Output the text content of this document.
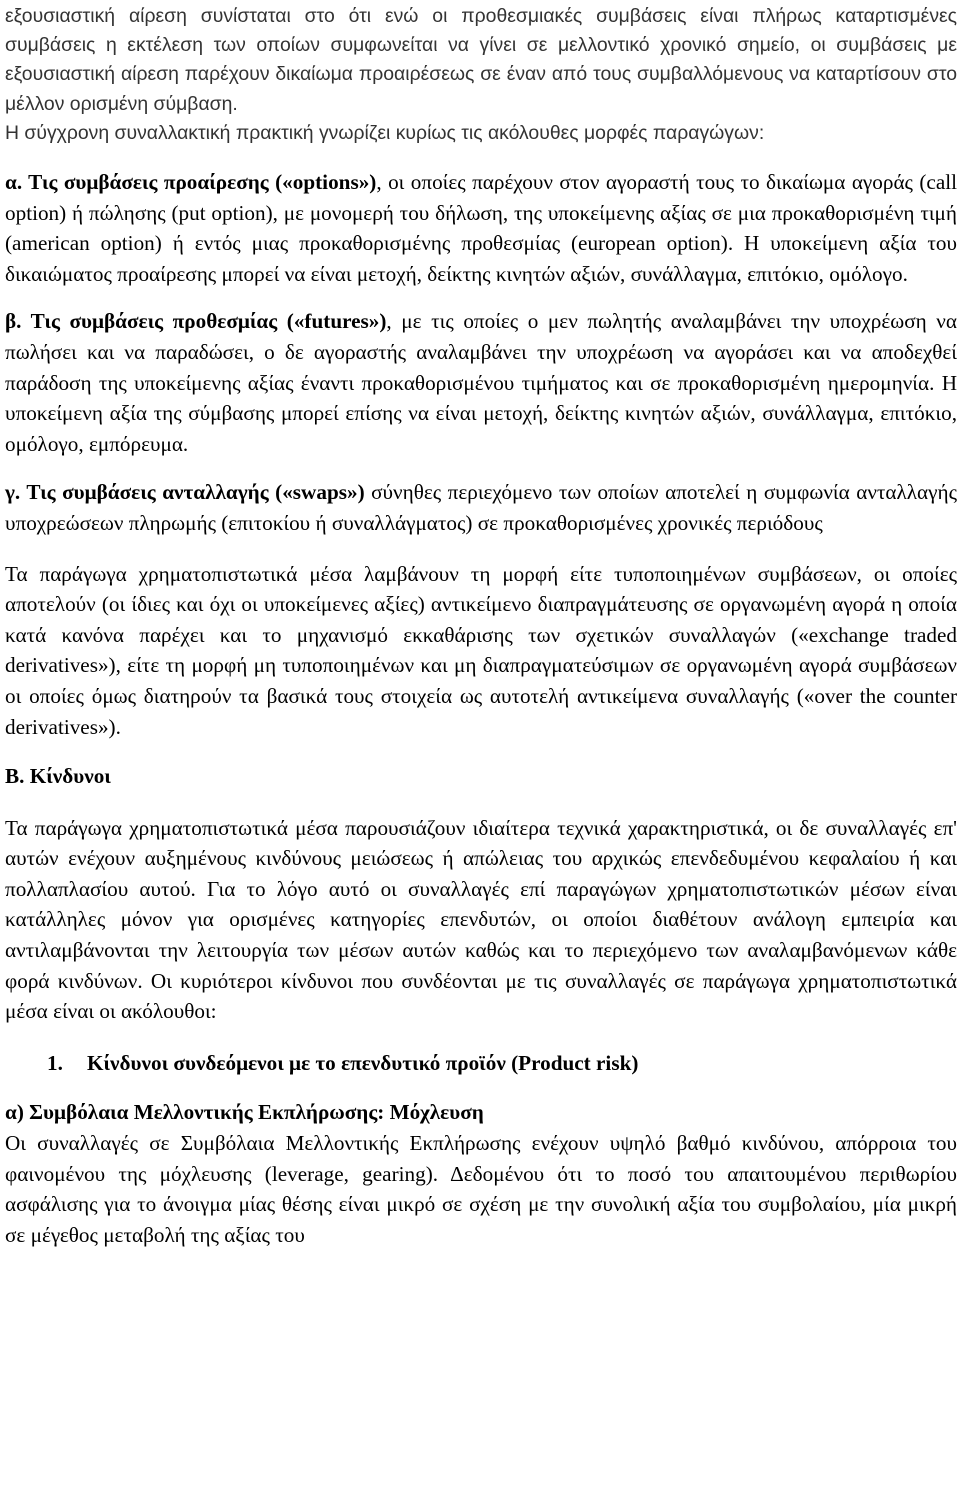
εξουσιαστική αίρεση συνίσταται στο ότι ενώ οι προθεσμιακές συμβάσεις είναι πλήρως καταρτισμένες συμβάσεις η εκτέλεση των οποίων συμφωνείται να γίνει σε μελλοντικό χρονικό σημείο, οι συμβάσεις με εξουσιαστική αίρεση παρέχουν δικαίωμα προαιρέσεως σε έναν από τους συμβαλλόμενους να καταρτίσουν στο μέλλον ορισμένη σύμβαση.
Η σύγχρονη συναλλακτική πρακτική γνωρίζει κυρίως τις ακόλουθες μορφές παραγώγων:

α. Τις συμβάσεις προαίρεσης («options»), οι οποίες παρέχουν στον αγοραστή τους το δικαίωμα αγοράς (call option) ή πώλησης (put option), με μονομερή του δήλωση, της υποκείμενης αξίας σε μια προκαθορισμένη τιμή (american option) ή εντός μιας προκαθορισμένης προθεσμίας (european option). Η υποκείμενη αξία του δικαιώματος προαίρεσης μπορεί να είναι μετοχή, δείκτης κινητών αξιών, συνάλλαγμα, επιτόκιο, ομόλογο.

β. Τις συμβάσεις προθεσμίας («futures»), με τις οποίες ο μεν πωλητής αναλαμβάνει την υποχρέωση να πωλήσει και να παραδώσει, ο δε αγοραστής αναλαμβάνει την υποχρέωση να αγοράσει και να αποδεχθεί παράδοση της υποκείμενης αξίας έναντι προκαθορισμένου τιμήματος και σε προκαθορισμένη ημερομηνία. Η υποκείμενη αξία της σύμβασης μπορεί επίσης να είναι μετοχή, δείκτης κινητών αξιών, συνάλλαγμα, επιτόκιο, ομόλογο, εμπόρευμα.

γ. Τις συμβάσεις ανταλλαγής («swaps») σύνηθες περιεχόμενο των οποίων αποτελεί η συμφωνία ανταλλαγής υποχρεώσεων πληρωμής (επιτοκίου ή συναλλάγματος) σε προκαθορισμένες χρονικές περιόδους

Τα παράγωγα χρηματοπιστωτικά μέσα λαμβάνουν τη μορφή είτε τυποποιημένων συμβάσεων, οι οποίες αποτελούν (οι ίδιες και όχι οι υποκείμενες αξίες) αντικείμενο διαπραγμάτευσης σε οργανωμένη αγορά η οποία κατά κανόνα παρέχει και το μηχανισμό εκκαθάρισης των σχετικών συναλλαγών («exchange traded derivatives»), είτε τη μορφή μη τυποποιημένων και μη διαπραγματεύσιμων σε οργανωμένη αγορά συμβάσεων οι οποίες όμως διατηρούν τα βασικά τους στοιχεία ως αυτοτελή αντικείμενα συναλλαγής («over the counter derivatives»).

Β. Κίνδυνοι

Τα παράγωγα χρηματοπιστωτικά μέσα παρουσιάζουν ιδιαίτερα τεχνικά χαρακτηριστικά, οι δε συναλλαγές επ' αυτών ενέχουν αυξημένους κινδύνους μειώσεως ή απώλειας του αρχικώς επενδεδυμένου κεφαλαίου ή και πολλαπλασίου αυτού. Για το λόγο αυτό οι συναλλαγές επί παραγώγων χρηματοπιστωτικών μέσων είναι κατάλληλες μόνον για ορισμένες κατηγορίες επενδυτών, οι οποίοι διαθέτουν ανάλογη εμπειρία και αντιλαμβάνονται την λειτουργία των μέσων αυτών καθώς και το περιεχόμενο των αναλαμβανόμενων κάθε φορά κινδύνων. Οι κυριότεροι κίνδυνοι που συνδέονται με τις συναλλαγές σε παράγωγα χρηματοπιστωτικά μέσα είναι οι ακόλουθοι:

1. Κίνδυνοι συνδεόμενοι με το επενδυτικό προϊόν (Product risk)

α) Συμβόλαια Μελλοντικής Εκπλήρωσης: Μόχλευση

Οι συναλλαγές σε Συμβόλαια Μελλοντικής Εκπλήρωσης ενέχουν υψηλό βαθμό κινδύνου, απόρροια του φαινομένου της μόχλευσης (leverage, gearing). Δεδομένου ότι το ποσό του απαιτουμένου περιθωρίου ασφάλισης για το άνοιγμα μίας θέσης είναι μικρό σε σχέση με την συνολική αξία του συμβολαίου, μία μικρή σε μέγεθος μεταβολή της αξίας του
